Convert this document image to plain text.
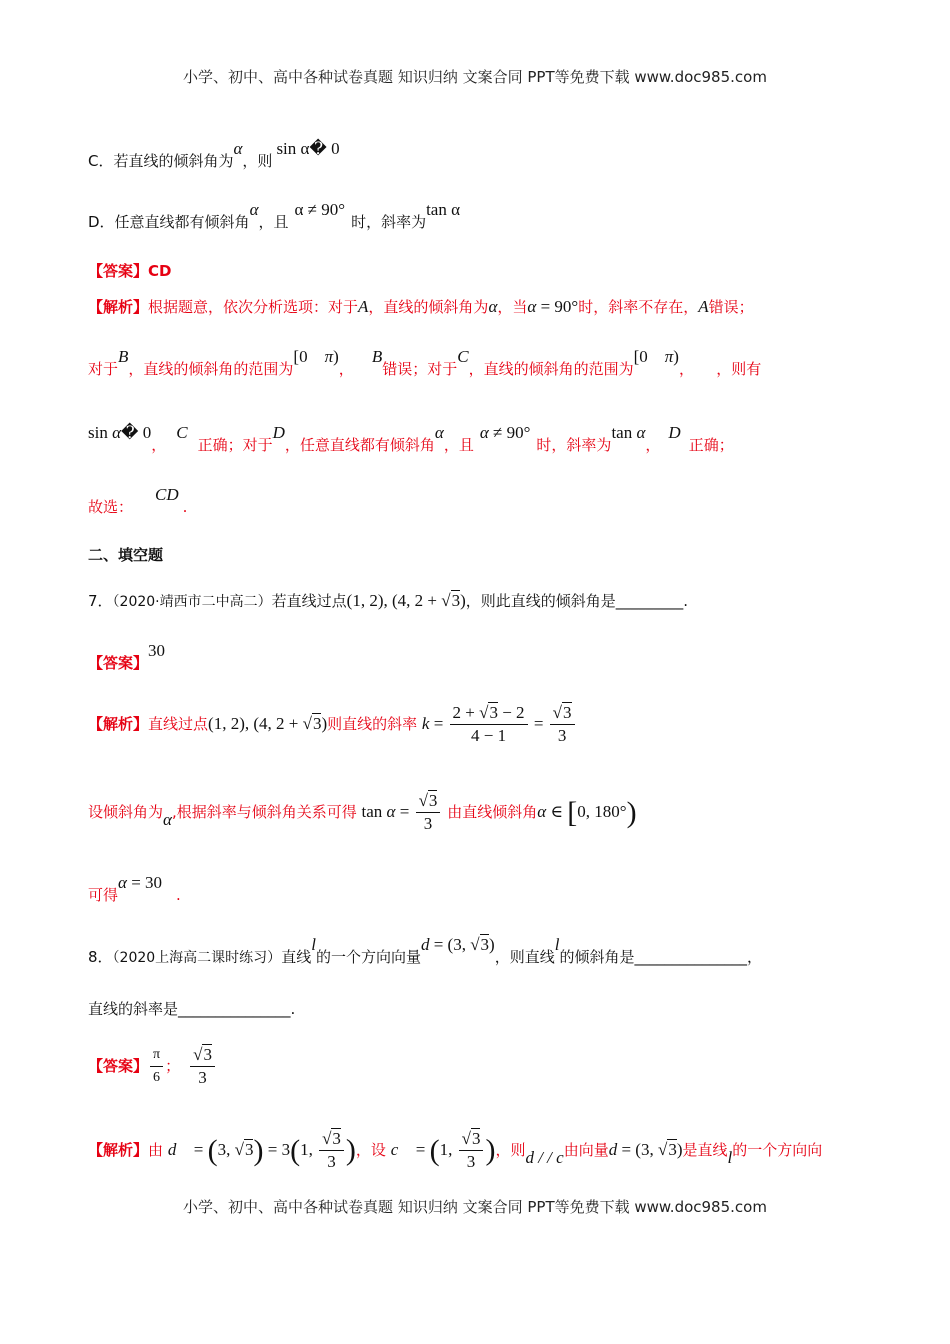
小学、初中、高中各种试卷真题 知识归纳 文案合同 PPT等免费下载 www.doc985.com
C．若直线的倾斜角为α，则sin α� 0
D．任意直线都有倾斜角α，且α ≠ 90°时，斜率为tan α
【答案】CD
【解析】根据题意，依次分析选项：对于A，直线的倾斜角为α，当α = 90°时，斜率不存在，A错误；
对于B，直线的倾斜角的范围为[0    π)，B错误；对于C，直线的倾斜角的范围为[0    π)， ，则有
sin α� 0，C正确；对于D，任意直线都有倾斜角α，且α ≠ 90°时，斜率为tan α，D正确；
故选：CD.
二、填空题
7．（2020·靖西市二中高二）若直线过点(1, 2), (4, 2 + √3)，则此直线的倾斜角是_________.
【答案】30
【解析】直线过点(1, 2), (4, 2 + √3)则直线的斜率 $k = \frac{2 + √3 - 2}{4 - 1} = \frac{√3}{3}$
设倾斜角为α,根据斜率与倾斜角关系可得 $\tan \alpha = \frac{√3}{3}$ 由直线倾斜角α ∈ [0, 180°)
可得α = 30.
8．（2020上海高二课时练习）直线l的一个方向向量d = (3, √3)，则直线l的倾斜角是_______________，
直线的斜率是_______________.
【答案】 $\frac{\pi}{6}$ ； $\frac{√3}{3}$
【解析】由 d⃗ = (3, √3) = 3(1, $\frac{√3}{3}$ )，设 c⃗ = (1, $\frac{√3}{3}$ )，则d / / c由向量d = (3, √3)是直线l的一个方向向
小学、初中、高中各种试卷真题 知识归纳 文案合同 PPT等免费下载 www.doc985.com
